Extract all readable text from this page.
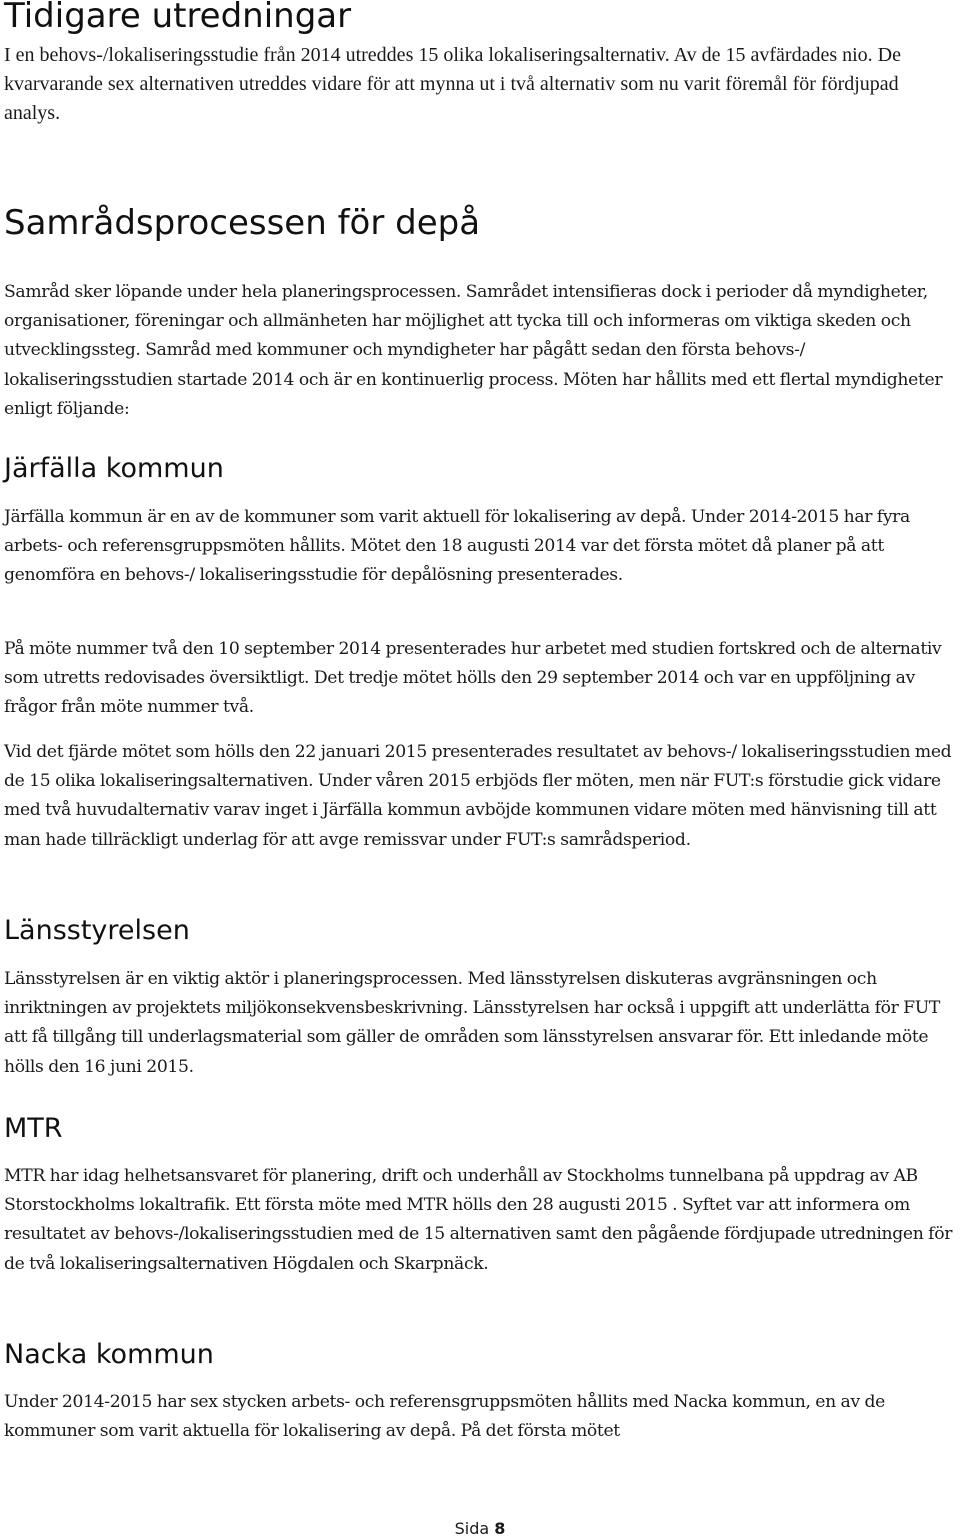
Tidigare utredningar

I en behovs-/lokaliseringsstudie från 2014 utreddes 15 olika lokaliseringsalternativ. Av de 15 avfärdades nio. De kvarvarande sex alternativen utreddes vidare för att mynna ut i två alternativ som nu varit föremål för fördjupad analys.

Samrådsprocessen för depå

Samråd sker löpande under hela planeringsprocessen. Samrådet intensifieras dock i perioder då myndigheter, organisationer, föreningar och allmänheten har möjlighet att tycka till och informeras om viktiga skeden och utvecklingssteg. Samråd med kommuner och myndigheter har pågått sedan den första behovs-/ lokaliseringsstudien startade 2014 och är en kontinuerlig process. Möten har hållits med ett flertal myndigheter enligt följande:

Järfälla kommun

Järfälla kommun är en av de kommuner som varit aktuell för lokalisering av depå. Under 2014-2015 har fyra arbets- och referensgruppsmöten hållits. Mötet den 18 augusti 2014 var det första mötet då planer på att genomföra en behovs-/ lokaliseringsstudie för depålösning presenterades.

På möte nummer två den 10 september 2014 presenterades hur arbetet med studien fortskred och de alternativ som utretts redovisades översiktligt. Det tredje mötet hölls den 29 september 2014 och var en uppföljning av frågor från möte nummer två.

Vid det fjärde mötet som hölls den 22 januari 2015 presenterades resultatet av behovs-/ lokaliseringsstudien med de 15 olika lokaliseringsalternativen. Under våren 2015 erbjöds fler möten, men när FUT:s förstudie gick vidare med två huvudalternativ varav inget i Järfälla kommun avböjde kommunen vidare möten med hänvisning till att man hade tillräckligt underlag för att avge remissvar under FUT:s samrådsperiod.

Länsstyrelsen

Länsstyrelsen är en viktig aktör i planeringsprocessen. Med länsstyrelsen diskuteras avgränsningen och inriktningen av projektets miljökonsekvensbeskrivning. Länsstyrelsen har också i uppgift att underlätta för FUT att få tillgång till underlagsmaterial som gäller de områden som länsstyrelsen ansvarar för. Ett inledande möte hölls den 16 juni 2015.

MTR

MTR har idag helhetsansvaret för planering, drift och underhåll av Stockholms tunnelbana på uppdrag av AB Storstockholms lokaltrafik. Ett första möte med MTR hölls den 28 augusti 2015 . Syftet var att informera om resultatet av behovs-/lokaliseringsstudien med de 15 alternativen samt den pågående fördjupade utredningen för de två lokaliseringsalternativen Högdalen och Skarpnäck.

Nacka kommun

Under 2014-2015 har sex stycken arbets- och referensgruppsmöten hållits med Nacka kommun, en av de kommuner som varit aktuella för lokalisering av depå. På det första mötet

Sida 8
